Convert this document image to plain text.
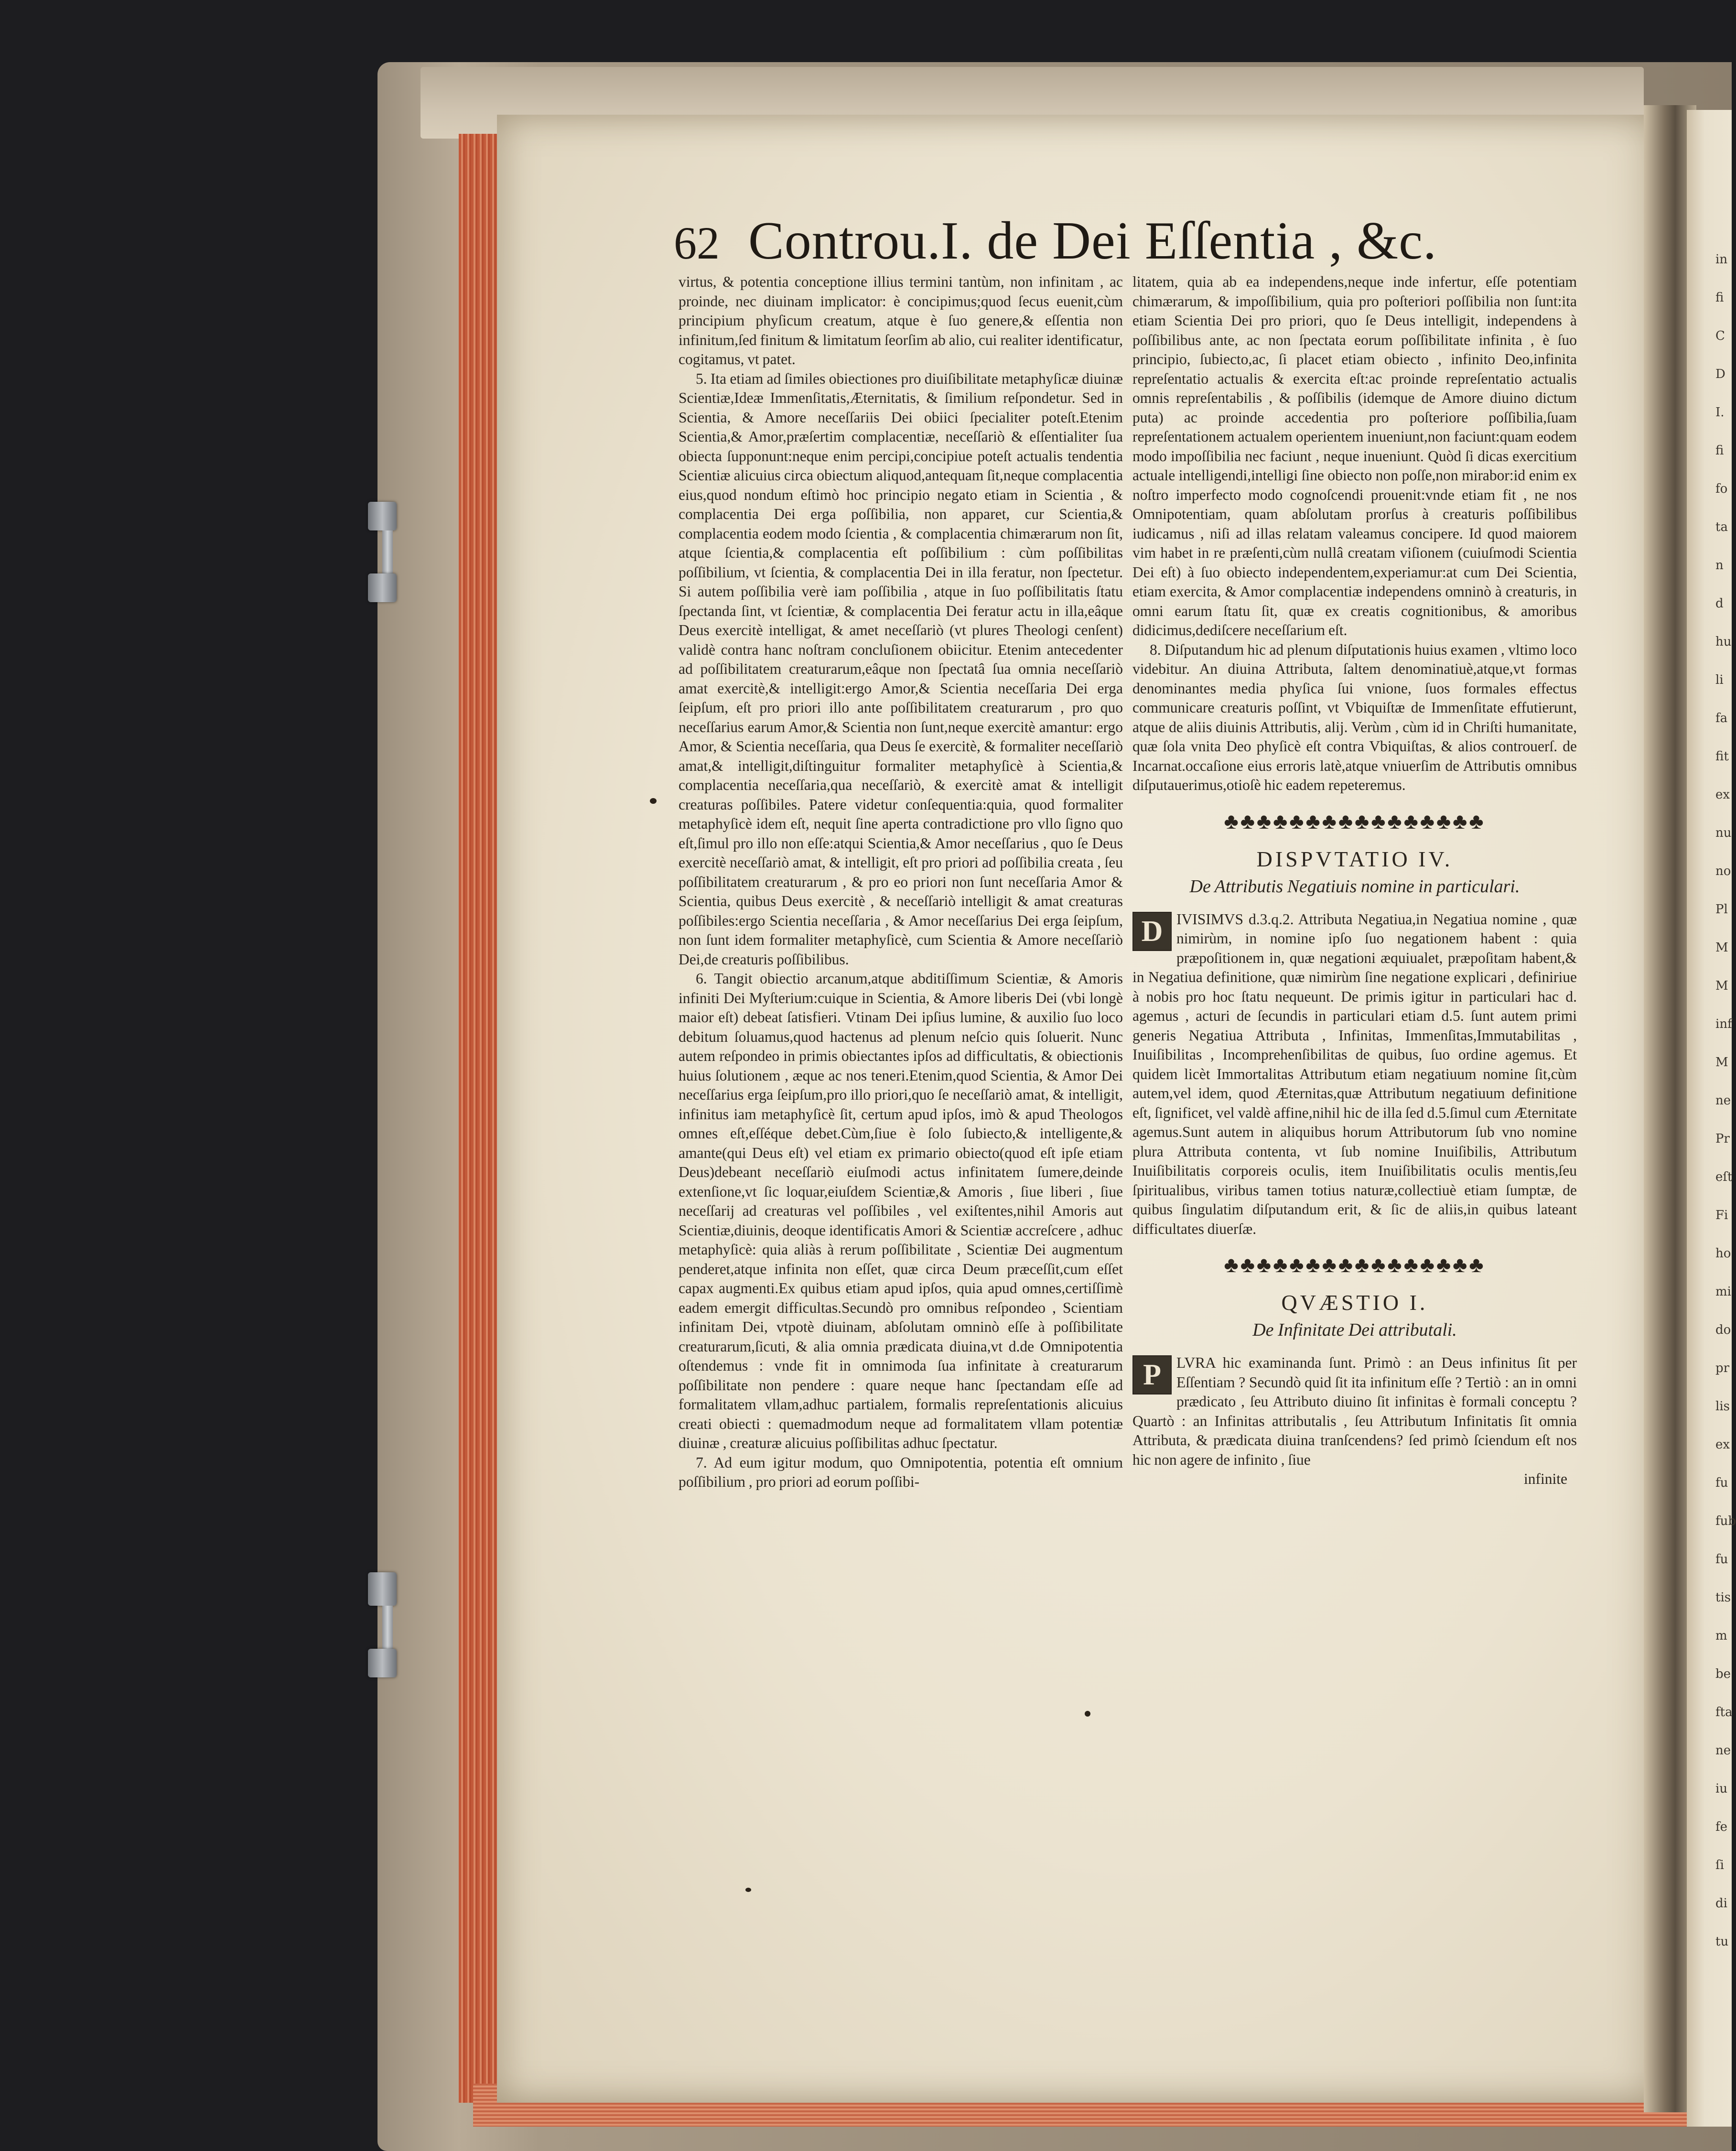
in
fi
C
D
I.
fi
fo
ta
n
d
hu
li
fa
fit
ex
nu
no
Pl
M
M
inf
M
ne
Pr
eſt
Fi
ho
mi
do
pr
lis
ex
fu
fub
fu
tis
m
be
fta
ne
iu
fe
ſi
di
tu
62 Controu.I. de Dei Eſſentia , &c.

virtus, & potentia conceptione illius termini tantùm, non infinitam , ac proinde, nec diuinam implicator: è concipimus;quod ſecus euenit,cùm principium phyſicum creatum, atque è ſuo genere,& eſſentia non infinitum,ſed finitum & limitatum ſeorſim ab alio, cui realiter identificatur, cogitamus, vt patet.

5. Ita etiam ad ſimiles obiectiones pro diuiſibilitate metaphyſicæ diuinæ Scientiæ,Ideæ Immenſitatis,Æternitatis, & ſimilium reſpondetur. Sed in Scientia, & Amore neceſſariis Dei obiici ſpecialiter poteſt.Etenim Scientia,& Amor,præſertim complacentiæ, neceſſariò & eſſentialiter ſua obiecta ſupponunt:neque enim percipi,concipiue poteſt actualis tendentia Scientiæ alicuius circa obiectum aliquod,antequam ſit,neque complacentia eius,quod nondum eſtimò hoc principio negato etiam in Scientia , & complacentia Dei erga poſſibilia, non apparet, cur Scientia,& complacentia eodem modo ſcientia , & complacentia chimærarum non ſit, atque ſcientia,& complacentia eſt poſſibilium : cùm poſſibilitas poſſibilium, vt ſcientia, & complacentia Dei in illa feratur, non ſpectetur. Si autem poſſibilia verè iam poſſibilia , atque in ſuo poſſibilitatis ſtatu ſpectanda ſint, vt ſcientiæ, & complacentia Dei feratur actu in illa,eâque Deus exercitè intelligat, & amet neceſſariò (vt plures Theologi cenſent) validè contra hanc noſtram concluſionem obiicitur. Etenim antecedenter ad poſſibilitatem creaturarum,eâque non ſpectatâ ſua omnia neceſſariò amat exercitè,& intelligit:ergo Amor,& Scientia neceſſaria Dei erga ſeipſum, eſt pro priori illo ante poſſibilitatem creaturarum , pro quo neceſſarius earum Amor,& Scientia non ſunt,neque exercitè amantur: ergo Amor, & Scientia neceſſaria, qua Deus ſe exercitè, & formaliter neceſſariò amat,& intelligit,diſtinguitur formaliter metaphyſicè à Scientia,& complacentia neceſſaria,qua neceſſariò, & exercitè amat & intelligit creaturas poſſibiles. Patere videtur conſequentia:quia, quod formaliter metaphyſicè idem eſt, nequit ſine aperta contradictione pro vllo ſigno quo eſt,ſimul pro illo non eſſe:atqui Scientia,& Amor neceſſarius , quo ſe Deus exercitè neceſſariò amat, & intelligit, eſt pro priori ad poſſibilia creata , ſeu poſſibilitatem creaturarum , & pro eo priori non ſunt neceſſaria Amor & Scientia, quibus Deus exercitè , & neceſſariò intelligit & amat creaturas poſſibiles:ergo Scientia neceſſaria , & Amor neceſſarius Dei erga ſeipſum, non ſunt idem formaliter metaphyſicè, cum Scientia & Amore neceſſariò Dei,de creaturis poſſibilibus.

6. Tangit obiectio arcanum,atque abditiſſimum Scientiæ, & Amoris infiniti Dei Myſterium:cuique in Scientia, & Amore liberis Dei (vbi longè maior eſt) debeat ſatisfieri. Vtinam Dei ipſius lumine, & auxilio ſuo loco debitum ſoluamus,quod hactenus ad plenum neſcio quis ſoluerit. Nunc autem reſpondeo in primis obiectantes ipſos ad difficultatis, & obiectionis huius ſolutionem , æque ac nos teneri.Etenim,quod Scientia, & Amor Dei neceſſarius erga ſeipſum,pro illo priori,quo ſe neceſſariò amat, & intelligit, infinitus iam metaphyſicè ſit, certum apud ipſos, imò & apud Theologos omnes eſt,eſſéque debet.Cùm,ſiue è ſolo ſubiecto,& intelligente,& amante(qui Deus eſt) vel etiam ex primario obiecto(quod eſt ipſe etiam Deus)debeant neceſſariò eiuſmodi actus infinitatem ſumere,deinde extenſione,vt ſic loquar,eiuſdem Scientiæ,& Amoris , ſiue liberi , ſiue neceſſarij ad creaturas vel poſſibiles , vel exiſtentes,nihil Amoris aut Scientiæ,diuinis, deoque identificatis Amori & Scientiæ accreſcere , adhuc metaphyſicè: quia aliàs à rerum poſſibilitate , Scientiæ Dei augmentum penderet,atque infinita non eſſet, quæ circa Deum præceſſit,cum eſſet capax augmenti.Ex quibus etiam apud ipſos, quia apud omnes,certiſſimè eadem emergit difficultas.Secundò pro omnibus reſpondeo , Scientiam infinitam Dei, vtpotè diuinam, abſolutam omninò eſſe à poſſibilitate creaturarum,ſicuti, & alia omnia prædicata diuina,vt d.de Omnipotentia oſtendemus : vnde fit in omnimoda ſua infinitate à creaturarum poſſibilitate non pendere : quare neque hanc ſpectandam eſſe ad formalitatem vllam,adhuc partialem, formalis repreſentationis alicuius creati obiecti : quemadmodum neque ad formalitatem vllam potentiæ diuinæ , creaturæ alicuius poſſibilitas adhuc ſpectatur.

7. Ad eum igitur modum, quo Omnipotentia, potentia eſt omnium poſſibilium , pro priori ad eorum poſſibi-

litatem, quia ab ea independens,neque inde infertur, eſſe potentiam chimærarum, & impoſſibilium, quia pro poſteriori poſſibilia non ſunt:ita etiam Scientia Dei pro priori, quo ſe Deus intelligit, independens à poſſibilibus ante, ac non ſpectata eorum poſſibilitate infinita , è ſuo principio, ſubiecto,ac, ſi placet etiam obiecto , infinito Deo,infinita repreſentatio actualis & exercita eſt:ac proinde repreſentatio actualis omnis repreſentabilis , & poſſibilis (idemque de Amore diuino dictum puta) ac proinde accedentia pro poſteriore poſſibilia,ſuam repreſentationem actualem operientem inueniunt,non faciunt:quam eodem modo impoſſibilia nec faciunt , neque inueniunt. Quòd ſi dicas exercitium actuale intelligendi,intelligi ſine obiecto non poſſe,non mirabor:id enim ex noſtro imperfecto modo cognoſcendi prouenit:vnde etiam fit , ne nos Omnipotentiam, quam abſolutam prorſus à creaturis poſſibilibus iudicamus , niſi ad illas relatam valeamus concipere. Id quod maiorem vim habet in re præſenti,cùm nullâ creatam viſionem (cuiuſmodi Scientia Dei eſt) à ſuo obiecto independentem,experiamur:at cum Dei Scientia, etiam exercita, & Amor complacentiæ independens omninò à creaturis, in omni earum ſtatu ſit, quæ ex creatis cognitionibus, & amoribus didicimus,dediſcere neceſſarium eſt.

8. Diſputandum hic ad plenum diſputationis huius examen , vltimo loco videbitur. An diuina Attributa, ſaltem denominatiuè,atque,vt formas denominantes media phyſica ſui vnione, ſuos formales effectus communicare creaturis poſſint, vt Vbiquiſtæ de Immenſitate effutierunt, atque de aliis diuinis Attributis, alij. Verùm , cùm id in Chriſti humanitate, quæ ſola vnita Deo phyſicè eſt contra Vbiquiſtas, & alios controuerſ. de Incarnat.occaſione eius erroris latè,atque vniuerſim de Attributis omnibus diſputauerimus,otioſè hic eadem repeteremus.

♣♣♣♣♣♣♣♣♣♣♣♣♣♣♣♣
DISPVTATIO IV.
De Attributis Negatiuis nomine in particulari.

D IVISIMVS d.3.q.2. Attributa Negatiua,in Negatiua nomine , quæ nimirùm, in nomine ipſo ſuo negationem habent : quia præpoſitionem in, quæ negationi æquiualet, præpoſitam habent,& in Negatiua definitione, quæ nimirùm ſine negatione explicari , definiriue à nobis pro hoc ſtatu nequeunt. De primis igitur in particulari hac d. agemus , acturi de ſecundis in particulari etiam d.5. ſunt autem primi generis Negatiua Attributa , Infinitas, Immenſitas,Immutabilitas , Inuiſibilitas , Incomprehenſibilitas de quibus, ſuo ordine agemus. Et quidem licèt Immortalitas Attributum etiam negatiuum nomine ſit,cùm autem,vel idem, quod Æternitas,quæ Attributum negatiuum definitione eſt, ſignificet, vel valdè affine,nihil hic de illa ſed d.5.ſimul cum Æternitate agemus.Sunt autem in aliquibus horum Attributorum ſub vno nomine plura Attributa contenta, vt ſub nomine Inuiſibilis, Attributum Inuiſibilitatis corporeis oculis, item Inuiſibilitatis oculis mentis,ſeu ſpiritualibus, viribus tamen totius naturæ,collectiuè etiam ſumptæ, de quibus ſingulatim diſputandum erit, & ſic de aliis,in quibus lateant difficultates diuerſæ.

♣♣♣♣♣♣♣♣♣♣♣♣♣♣♣♣
QVÆSTIO I.
De Infinitate Dei attributali.

P	LVRA hic examinanda ſunt. Primò : an Deus infinitus ſit per Eſſentiam ? Secundò quid ſit ita infinitum eſſe ? Tertiò : an in omni prædicato , ſeu Attributo diuino ſit infinitas è formali conceptu ? Quartò : an Infinitas attributalis , ſeu Attributum Infinitatis ſit omnia Attributa, & prædicata diuina tranſcendens? ſed primò ſciendum eſt nos hic non agere de infinito , ſiue

infinite
